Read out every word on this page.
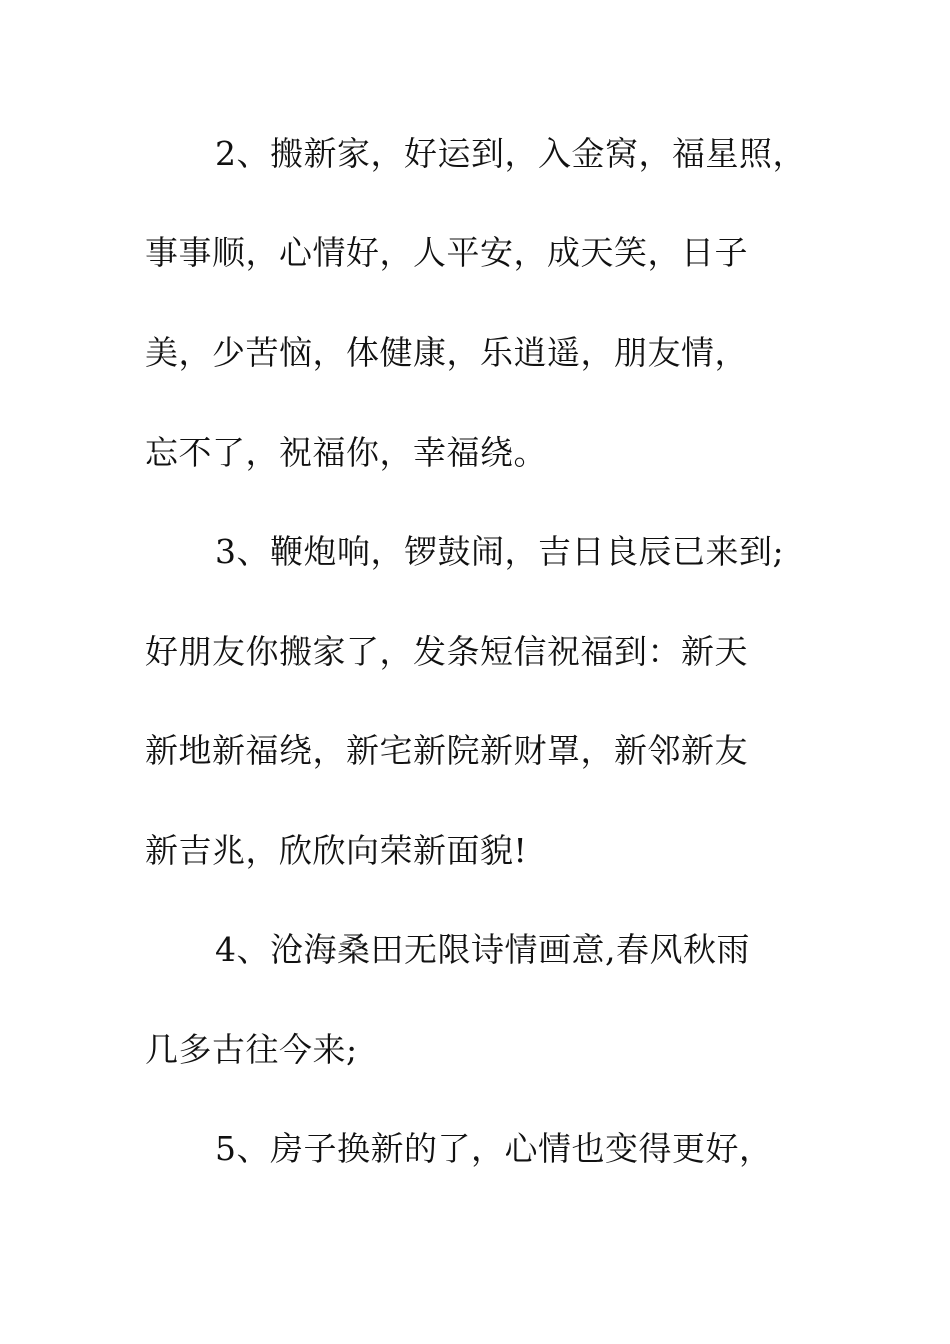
2、搬新家，好运到，入金窝，福星照，
事事顺，心情好，人平安，成天笑，日子
美，少苦恼，体健康，乐逍遥，朋友情，
忘不了，祝福你，幸福绕。
3、鞭炮响，锣鼓闹，吉日良辰已来到;
好朋友你搬家了，发条短信祝福到：新天
新地新福绕，新宅新院新财罩，新邻新友
新吉兆，欣欣向荣新面貌!
4、沧海桑田无限诗情画意,春风秋雨
几多古往今来;
5、房子换新的了，心情也变得更好，
